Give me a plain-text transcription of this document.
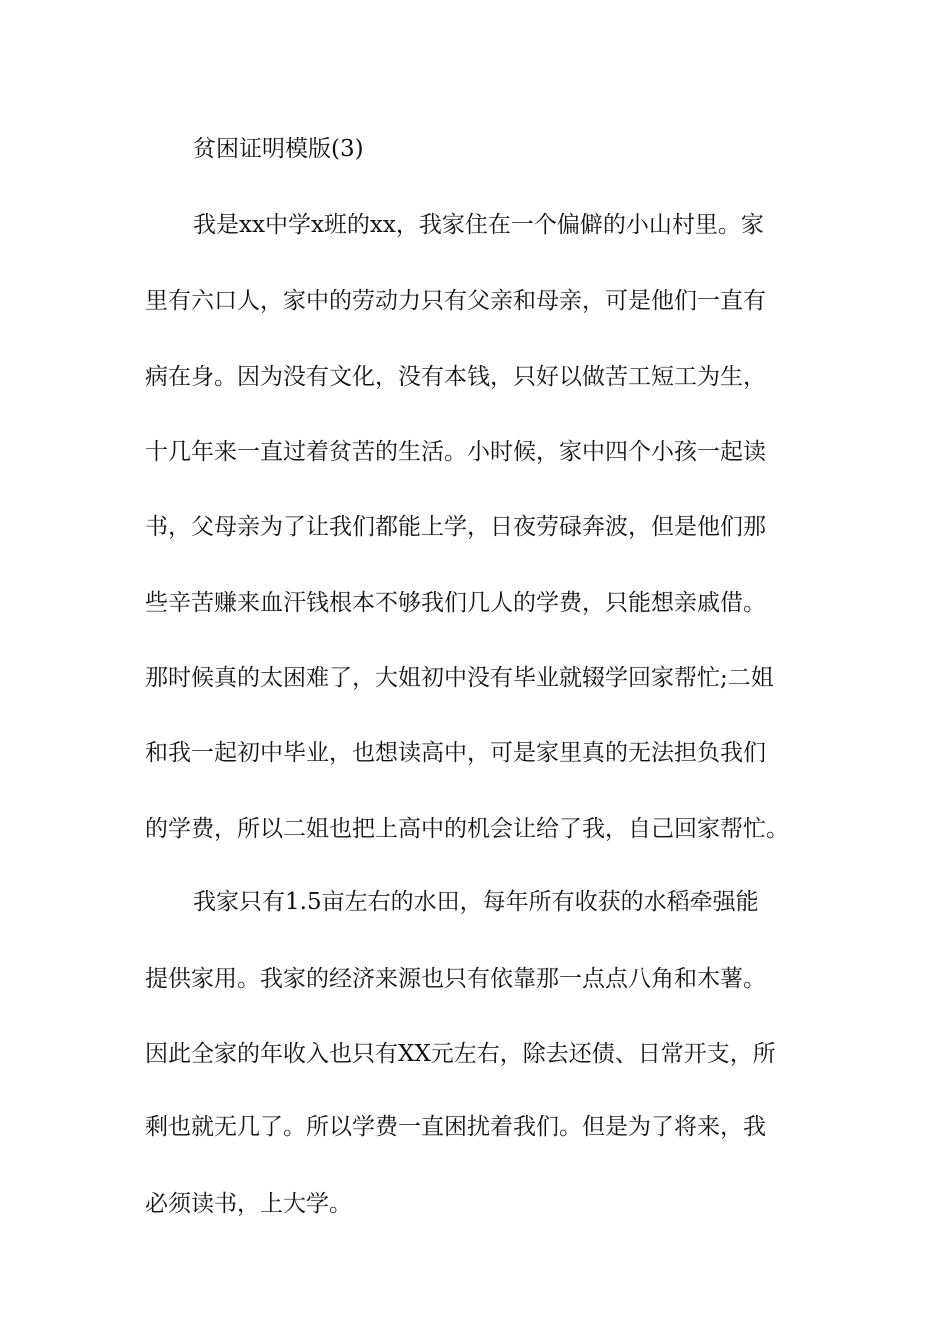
贫困证明模版(3)
我是xx中学x班的xx，我家住在一个偏僻的小山村里。家
里有六口人，家中的劳动力只有父亲和母亲，可是他们一直有
病在身。因为没有文化，没有本钱，只好以做苦工短工为生，
十几年来一直过着贫苦的生活。小时候，家中四个小孩一起读
书，父母亲为了让我们都能上学，日夜劳碌奔波，但是他们那
些辛苦赚来血汗钱根本不够我们几人的学费，只能想亲戚借。
那时候真的太困难了，大姐初中没有毕业就辍学回家帮忙;二姐
和我一起初中毕业，也想读高中，可是家里真的无法担负我们
的学费，所以二姐也把上高中的机会让给了我，自己回家帮忙。
我家只有1.5亩左右的水田，每年所有收获的水稻牵强能
提供家用。我家的经济来源也只有依靠那一点点八角和木薯。
因此全家的年收入也只有XX元左右，除去还债、日常开支，所
剩也就无几了。所以学费一直困扰着我们。但是为了将来，我
必须读书，上大学。
